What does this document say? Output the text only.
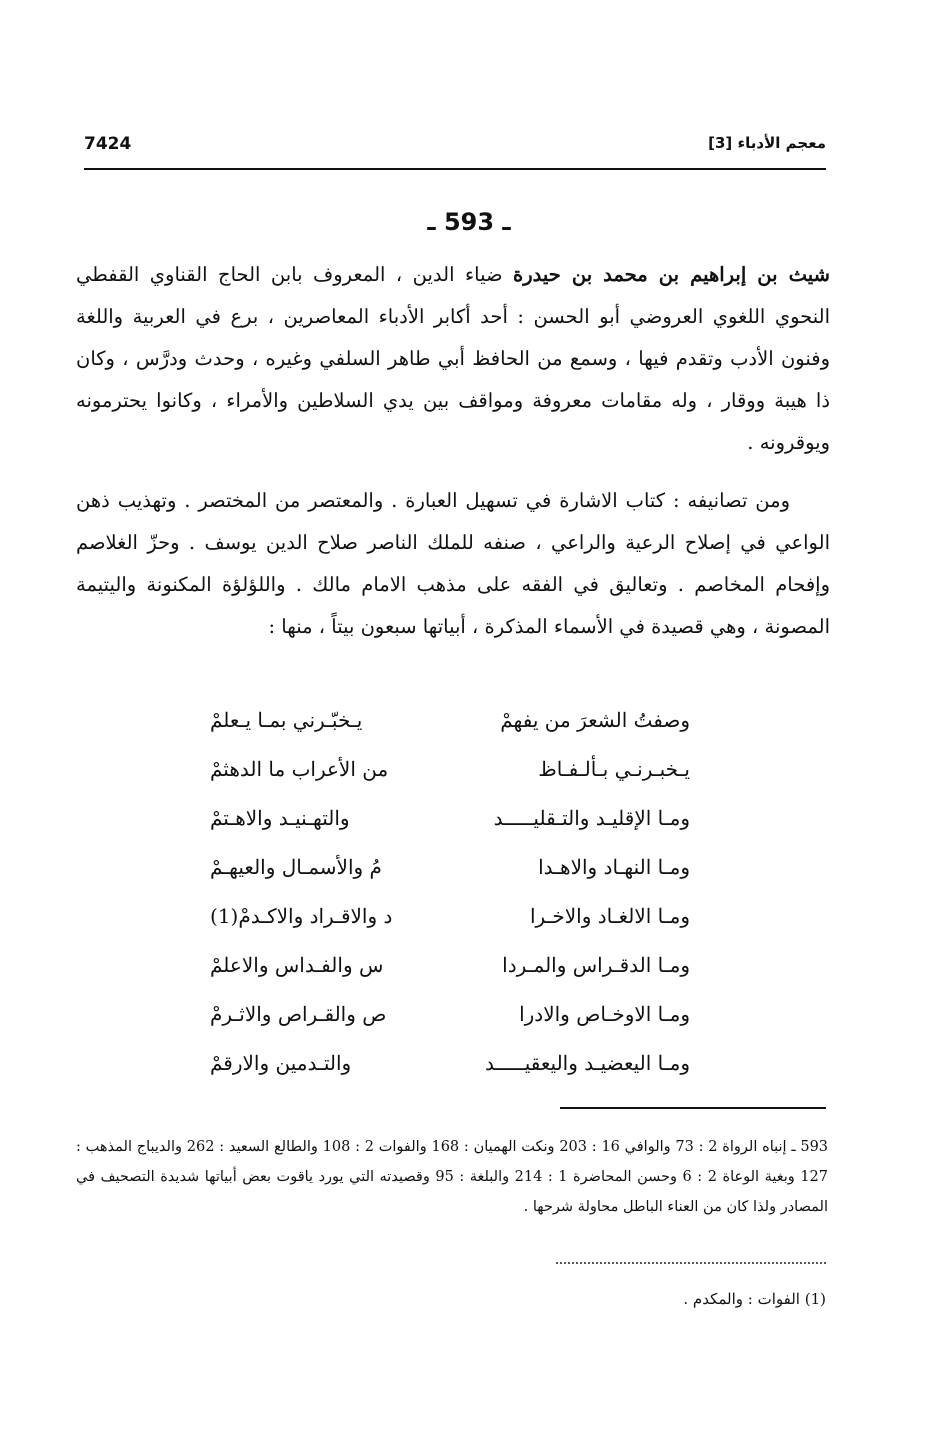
7424	معجم الأدباء [3]
ـ 593 ـ

شيث بن إبراهيم بن محمد بن حيدرة ضياء الدين ، المعروف بابن الحاج القناوي القفطي النحوي اللغوي العروضي أبو الحسن : أحد أكابر الأدباء المعاصرين ، برع في العربية واللغة وفنون الأدب وتقدم فيها ، وسمع من الحافظ أبي طاهر السلفي وغيره ، وحدث ودرَّس ، وكان ذا هيبة ووقار ، وله مقامات معروفة ومواقف بين يدي السلاطين والأمراء ، وكانوا يحترمونه ويوقرونه .

ومن تصانيفه : كتاب الاشارة في تسهيل العبارة . والمعتصر من المختصر . وتهذيب ذهن الواعي في إصلاح الرعية والراعي ، صنفه للملك الناصر صلاح الدين يوسف . وحزّ الغلاصم وإفحام المخاصم . وتعاليق في الفقه على مذهب الامام مالك . واللؤلؤة المكنونة واليتيمة المصونة ، وهي قصيدة في الأسماء المذكرة ، أبياتها سبعون بيتاً ، منها :

وصفتُ الشعرَ من يفهمْ
يـخبّـرني بمـا يـعلمْ
يـخبـرنـي بـألـفـاظ
من الأعراب ما الدهثمْ
ومـا الإقليـد والتـقليـــــد
والتهـنيـد والاهـتمْ
ومـا النهـاد والاهـدا
مُ والأسمـال والعيهـمْ
ومـا الالغـاد والاخـرا
د والاقـراد والاكـدمْ(1)
ومـا الدقـراس والمـردا
س والفـداس والاعلمْ
ومـا الاوخـاص والادرا
ص والقـراص والاثـرمْ
ومـا اليعضيـد واليعقيـــــد
والتـدمين والارقمْ

593 ـ إنباه الرواة 2 : 73 والوافي 16 : 203 ونكت الهميان : 168 والفوات 2 : 108 والطالع السعيد : 262 والديباج المذهب : 127 وبغية الوعاة 2 : 6 وحسن المحاضرة 1 : 214 والبلغة : 95 وقصيدته التي يورد ياقوت بعض أبياتها شديدة التصحيف في المصادر ولذا كان من العناء الباطل محاولة شرحها .

(1) الفوات : والمكدم .
